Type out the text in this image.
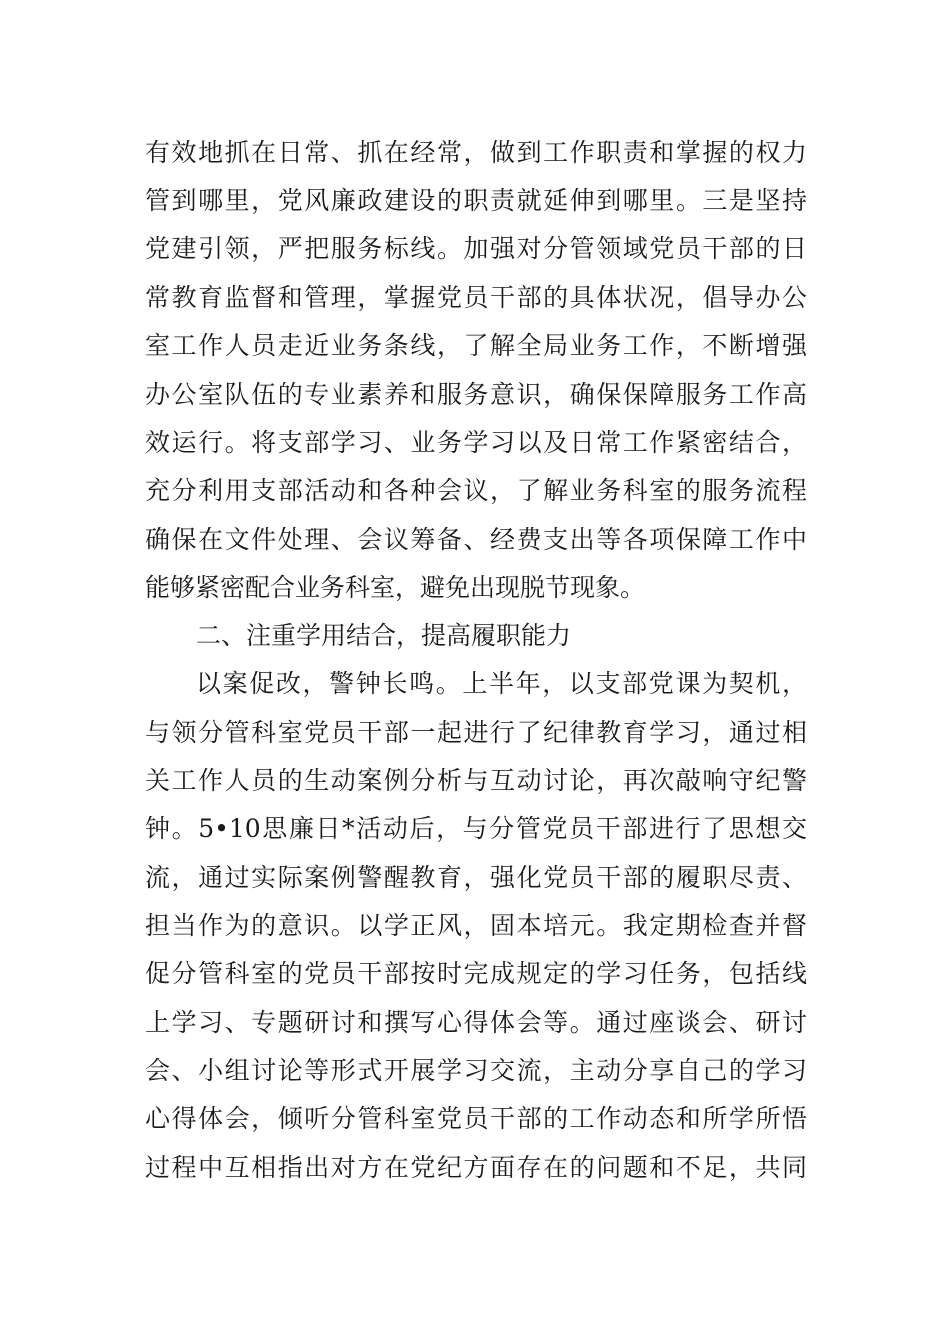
有效地抓在日常、抓在经常，做到工作职责和掌握的权力
管到哪里，党风廉政建设的职责就延伸到哪里。三是坚持
党建引领，严把服务标线。加强对分管领域党员干部的日
常教育监督和管理，掌握党员干部的具体状况，倡导办公
室工作人员走近业务条线，了解全局业务工作，不断增强
办公室队伍的专业素养和服务意识，确保保障服务工作高
效运行。将支部学习、业务学习以及日常工作紧密结合，
充分利用支部活动和各种会议，了解业务科室的服务流程
确保在文件处理、会议筹备、经费支出等各项保障工作中
能够紧密配合业务科室，避免出现脱节现象。
二、注重学用结合，提高履职能力
以案促改，警钟长鸣。上半年，以支部党课为契机，
与领分管科室党员干部一起进行了纪律教育学习，通过相
关工作人员的生动案例分析与互动讨论，再次敲响守纪警
钟。5•10思廉日*活动后，与分管党员干部进行了思想交
流，通过实际案例警醒教育，强化党员干部的履职尽责、
担当作为的意识。以学正风，固本培元。我定期检查并督
促分管科室的党员干部按时完成规定的学习任务，包括线
上学习、专题研讨和撰写心得体会等。通过座谈会、研讨
会、小组讨论等形式开展学习交流，主动分享自己的学习
心得体会，倾听分管科室党员干部的工作动态和所学所悟
过程中互相指出对方在党纪方面存在的问题和不足，共同
